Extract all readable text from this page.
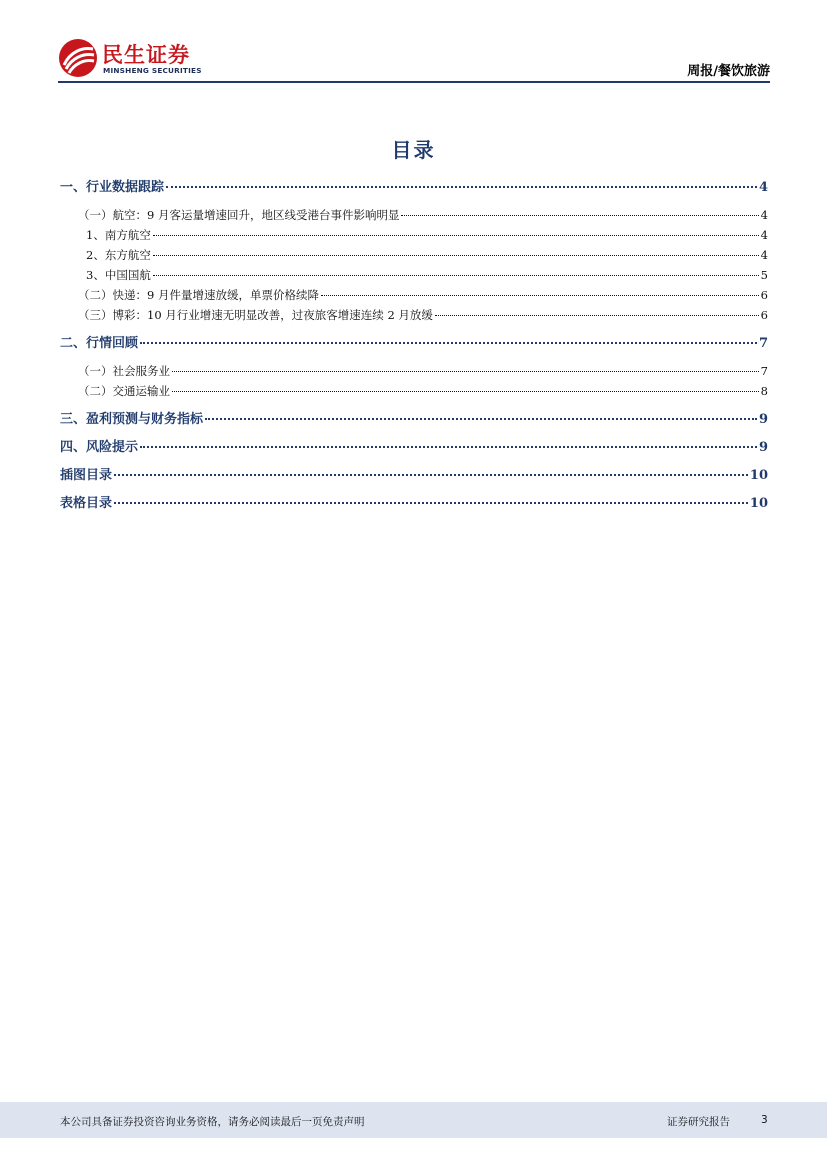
民生证券
MINSHENG SECURITIES	周报/餐饮旅游
目录
一、行业数据跟踪	4
（一）航空：9 月客运量增速回升，地区线受港台事件影响明显	4
1、南方航空	4
2、东方航空	4
3、中国国航	5
（二）快递：9 月件量增速放缓，单票价格续降	6
（三）博彩：10 月行业增速无明显改善，过夜旅客增速连续 2 月放缓	6
二、行情回顾	7
（一）社会服务业	7
（二）交通运输业	8
三、盈利预测与财务指标	9
四、风险提示	9
插图目录	10
表格目录	10
本公司具备证券投资咨询业务资格，请务必阅读最后一页免责声明	证券研究报告	3
